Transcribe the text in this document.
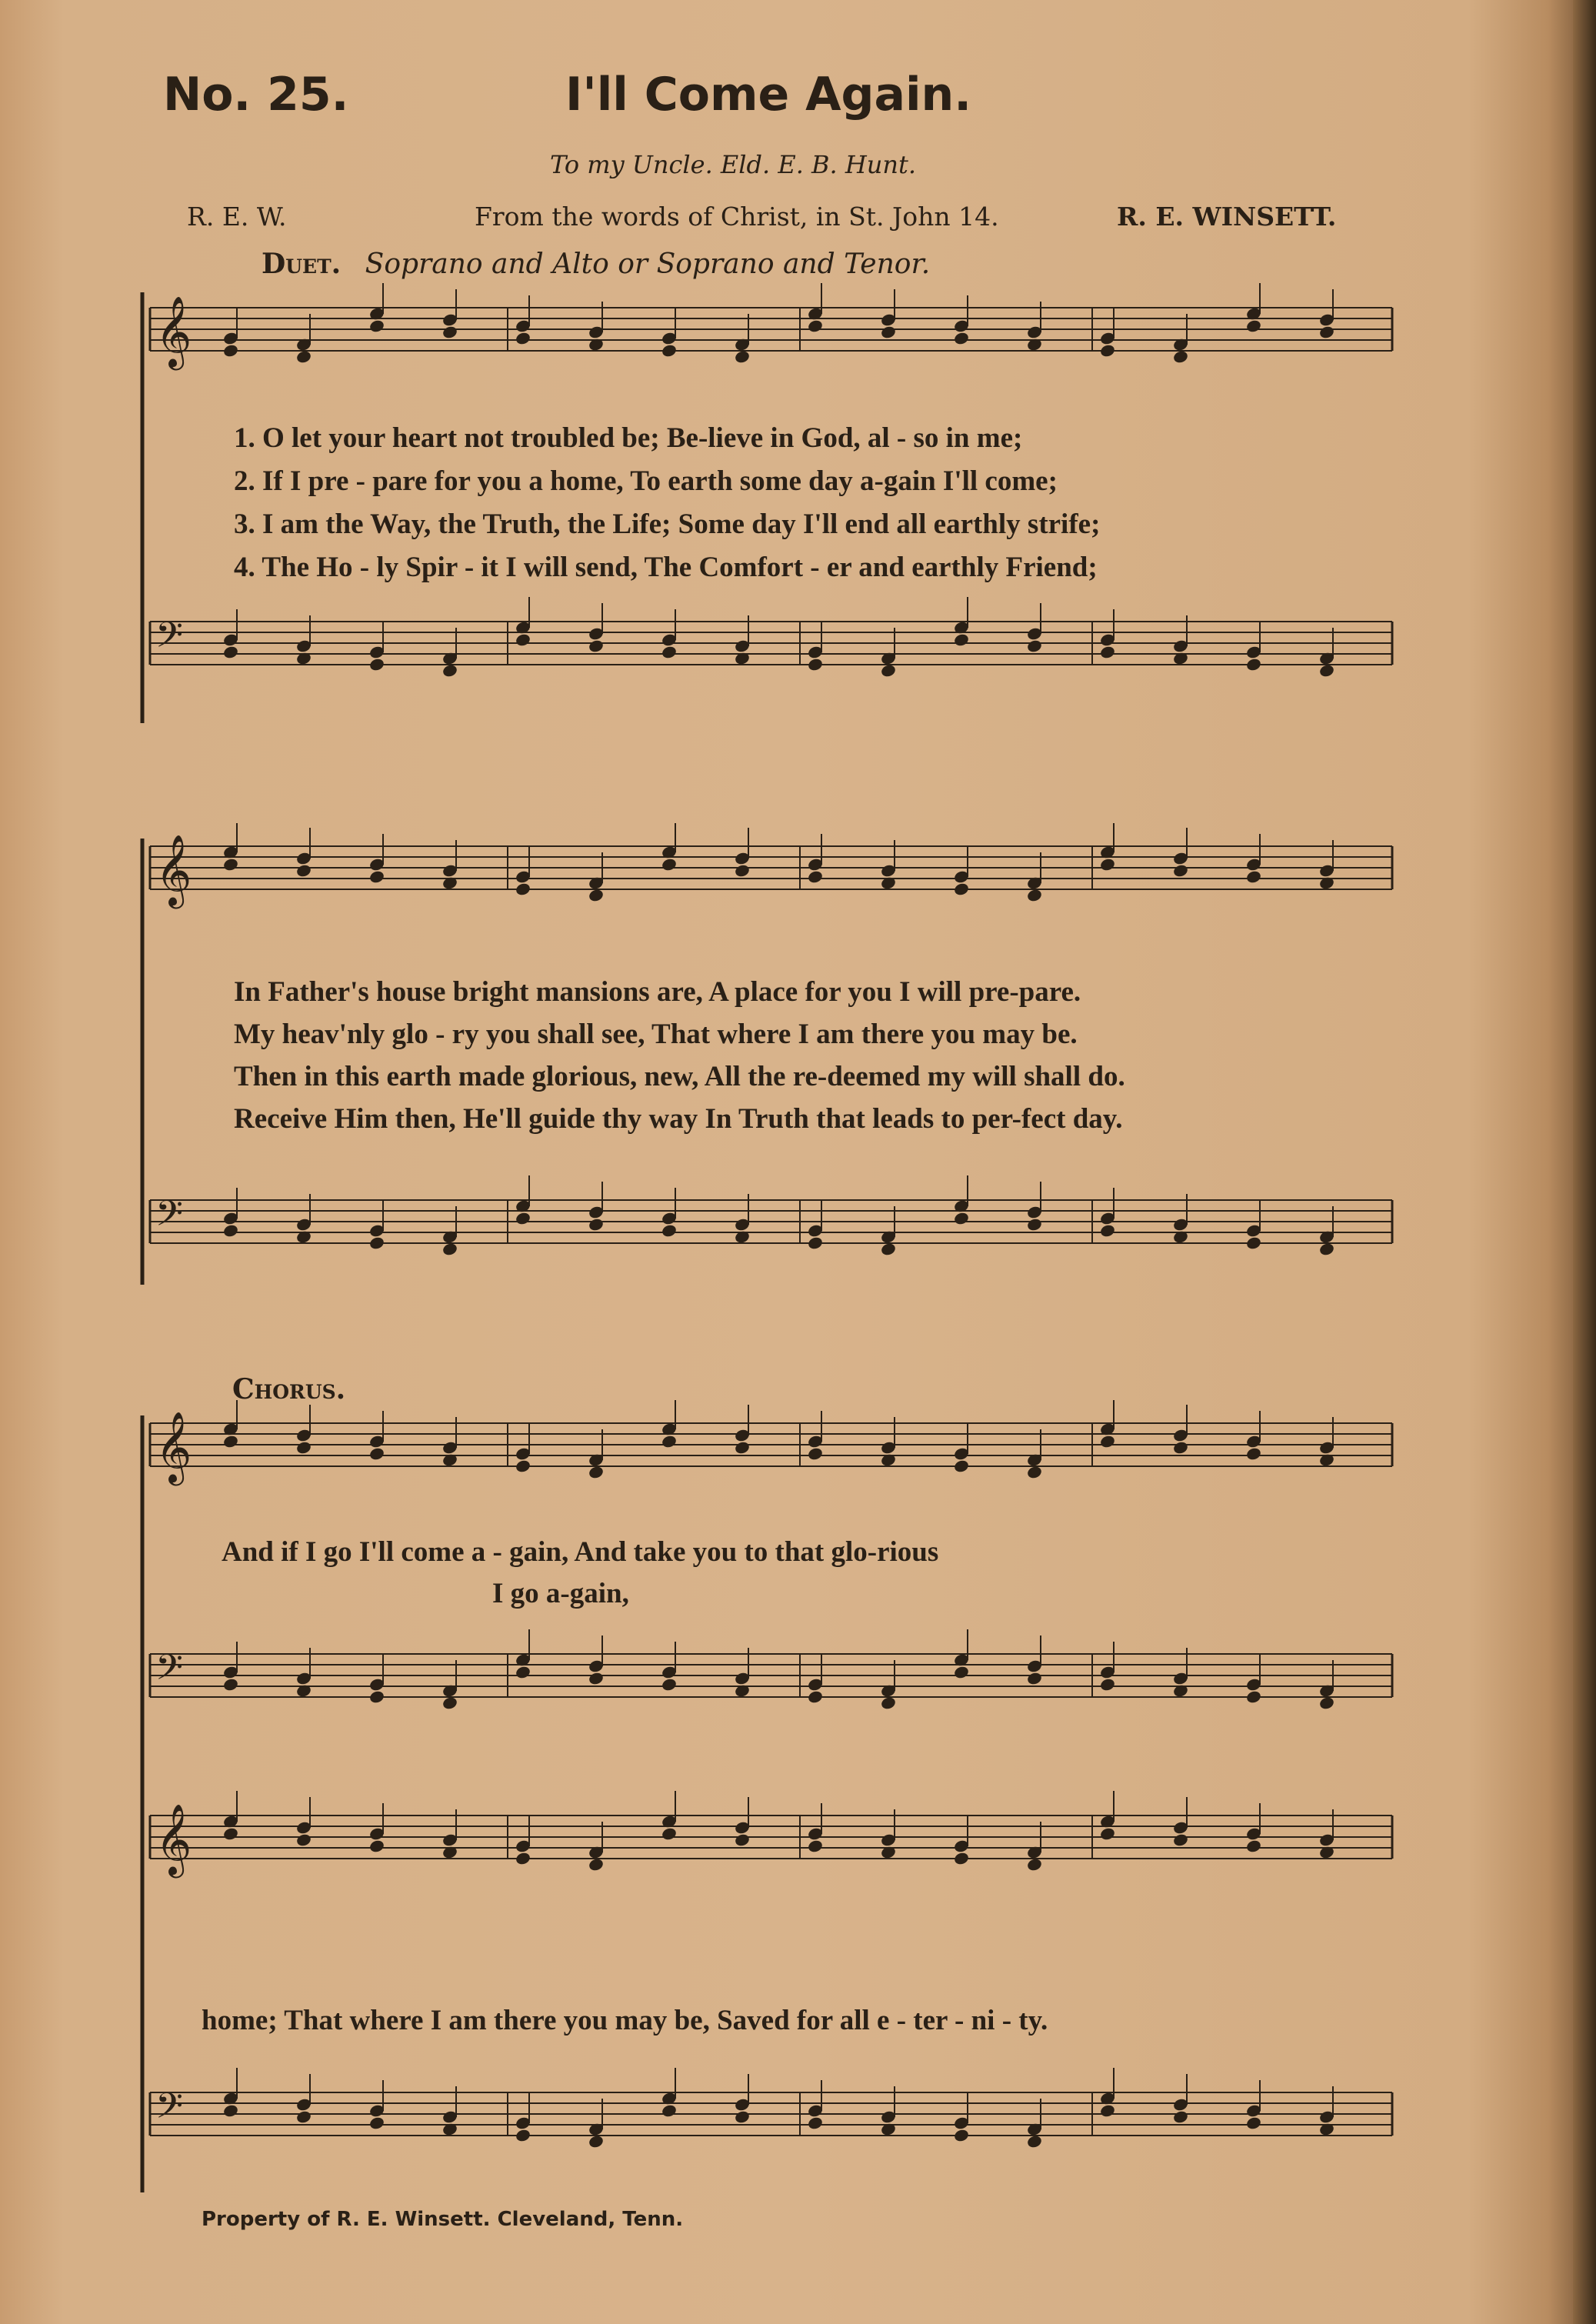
No. 25.	I'll Come Again.
To my Uncle. Eld. E. B. Hunt.
R. E. W.	From the words of Christ, in St. John 14.	R. E. WINSETT.
Duet. Soprano and Alto or Soprano and Tenor.
𝄞
𝄢
1. O let your heart not troubled be; Be-lieve in God, al - so in me;
2. If I pre - pare for you a home, To earth some day a-gain I'll come;
3. I am the Way, the Truth, the Life; Some day I'll end all earthly strife;
4. The Ho - ly Spir - it I will send, The Comfort - er and earthly Friend;
𝄞
𝄢
In Father's house bright mansions are, A place for you I will pre-pare.
My heav'nly glo - ry you shall see, That where I am there you may be.
Then in this earth made glorious, new, All the re-deemed my will shall do.
Receive Him then, He'll guide thy way In Truth that leads to per-fect day.
Chorus.
𝄞
𝄢
And if I go I'll come a - gain, And take you to that glo-rious
I go a-gain,
𝄞
𝄢
home; That where I am there you may be, Saved for all e - ter - ni - ty.
Property of R. E. Winsett. Cleveland, Tenn.
